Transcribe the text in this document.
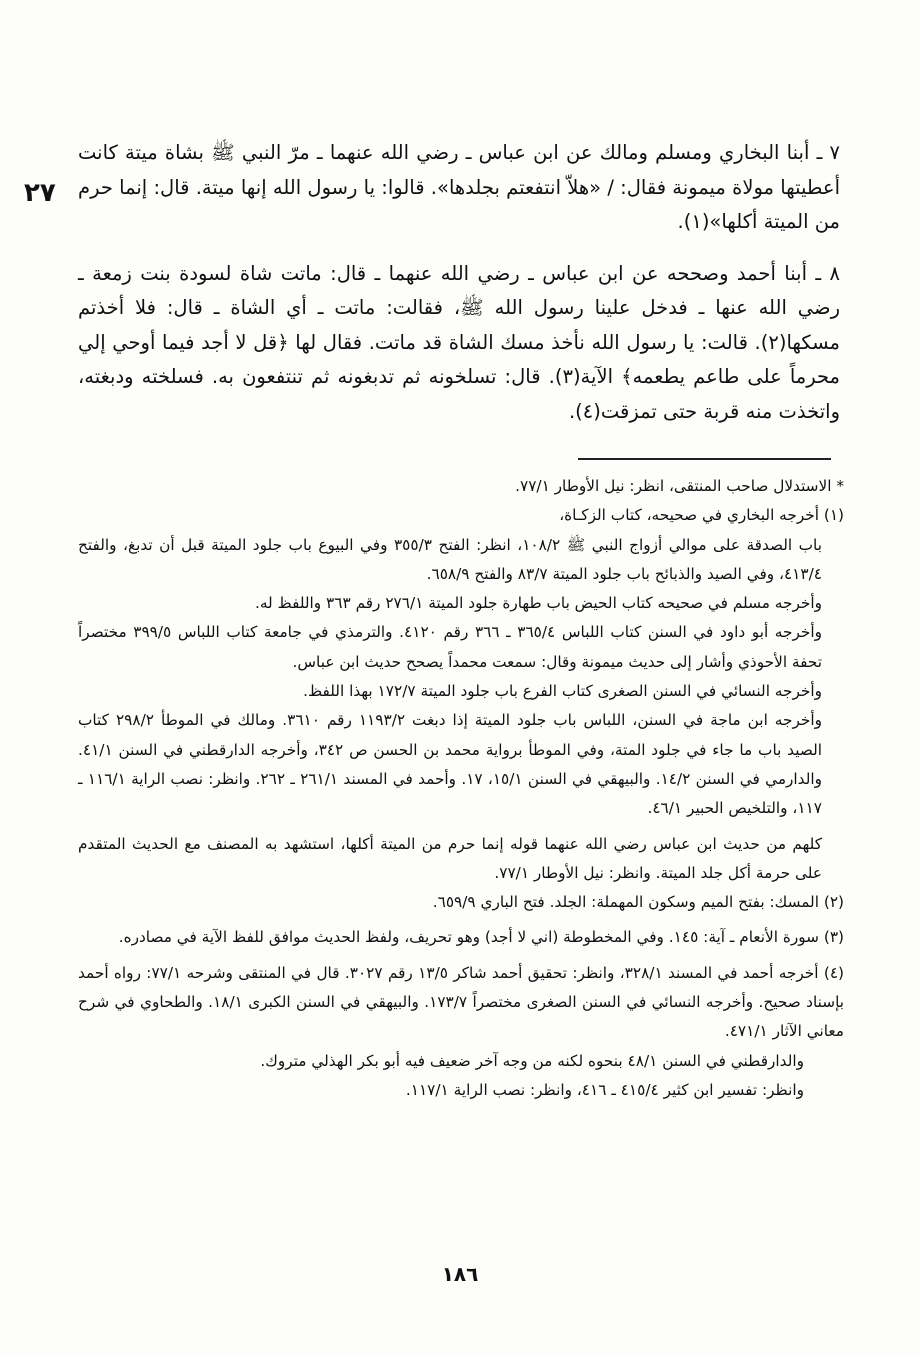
٢٧

٧ ـ أبنا البخاري ومسلم ومالك عن ابن عباس ـ رضي الله عنهما ـ مرّ النبي ﷺ بشاة ميتة كانت أعطيتها مولاة ميمونة فقال: / «هلاّ انتفعتم بجلدها». قالوا: يا رسول الله إنها ميتة. قال: إنما حرم من الميتة أكلها»(١).

٨ ـ أبنا أحمد وصححه عن ابن عباس ـ رضي الله عنهما ـ قال: ماتت شاة لسودة بنت زمعة ـ رضي الله عنها ـ فدخل علينا رسول الله ﷺ، فقالت: ماتت ـ أي الشاة ـ قال: فلا أخذتم مسكها(٢). قالت: يا رسول الله نأخذ مسك الشاة قد ماتت. فقال لها ﴿قل لا أجد فيما أوحي إلي محرماً على طاعم يطعمه﴾ الآية(٣). قال: تسلخونه ثم تدبغونه ثم تنتفعون به. فسلخته ودبغته، واتخذت منه قربة حتى تمزقت(٤).

* الاستدلال صاحب المنتقى، انظر: نيل الأوطار ٧٧/١.

(١) أخرجه البخاري في صحيحه، كتاب الزكـاة،

باب الصدقة على موالي أزواج النبي ﷺ ١٠٨/٢، انظر: الفتح ٣٥٥/٣ وفي البيوع باب جلود الميتة قبل أن تدبغ، والفتح ٤١٣/٤، وفي الصيد والذبائح باب جلود الميتة ٨٣/٧ والفتح ٦٥٨/٩.

وأخرجه مسلم في صحيحه كتاب الحيض باب طهارة جلود الميتة ٢٧٦/١ رقم ٣٦٣ واللفظ له.

وأخرجه أبو داود في السنن كتاب اللباس ٣٦٥/٤ ـ ٣٦٦ رقم ٤١٢٠. والترمذي في جامعة كتاب اللباس ٣٩٩/٥ مختصراً تحفة الأحوذي وأشار إلى حديث ميمونة وقال: سمعت محمداً يصحح حديث ابن عباس.

وأخرجه النسائي في السنن الصغرى كتاب الفرع باب جلود الميتة ١٧٢/٧ بهذا اللفظ.

وأخرجه ابن ماجة في السنن، اللباس باب جلود الميتة إذا دبغت ١١٩٣/٢ رقم ٣٦١٠. ومالك في الموطأ ٢٩٨/٢ كتاب الصيد باب ما جاء في جلود المتة، وفي الموطأ برواية محمد بن الحسن ص ٣٤٢، وأخرجه الدارقطني في السنن ٤١/١. والدارمي في السنن ١٤/٢. والبيهقي في السنن ١٥/١، ١٧. وأحمد في المسند ٢٦١/١ ـ ٢٦٢. وانظر: نصب الراية ١١٦/١ ـ ١١٧، والتلخيص الحبير ٤٦/١.

كلهم من حديث ابن عباس رضي الله عنهما قوله إنما حرم من الميتة أكلها، استشهد به المصنف مع الحديث المتقدم على حرمة أكل جلد الميتة. وانظر: نيل الأوطار ٧٧/١.

(٢) المسك: بفتح الميم وسكون المهملة: الجلد. فتح الباري ٦٥٩/٩.

(٣) سورة الأنعام ـ آية: ١٤٥. وفي المخطوطة (اني لا أجد) وهو تحريف، ولفظ الحديث موافق للفظ الآية في مصادره.

(٤) أخرجه أحمد في المسند ٣٢٨/١، وانظر: تحقيق أحمد شاكر ١٣/٥ رقم ٣٠٢٧. قال في المنتقى وشرحه ٧٧/١: رواه أحمد بإسناد صحيح. وأخرجه النسائي في السنن الصغرى مختصراً ١٧٣/٧. والبيهقي في السنن الكبرى ١٨/١. والطحاوي في شرح معاني الآثار ٤٧١/١.

والدارقطني في السنن ٤٨/١ بنحوه لكنه من وجه آخر ضعيف فيه أبو بكر الهذلي متروك.

وانظر: تفسير ابن كثير ٤١٥/٤ ـ ٤١٦، وانظر: نصب الراية ١١٧/١.

١٨٦
